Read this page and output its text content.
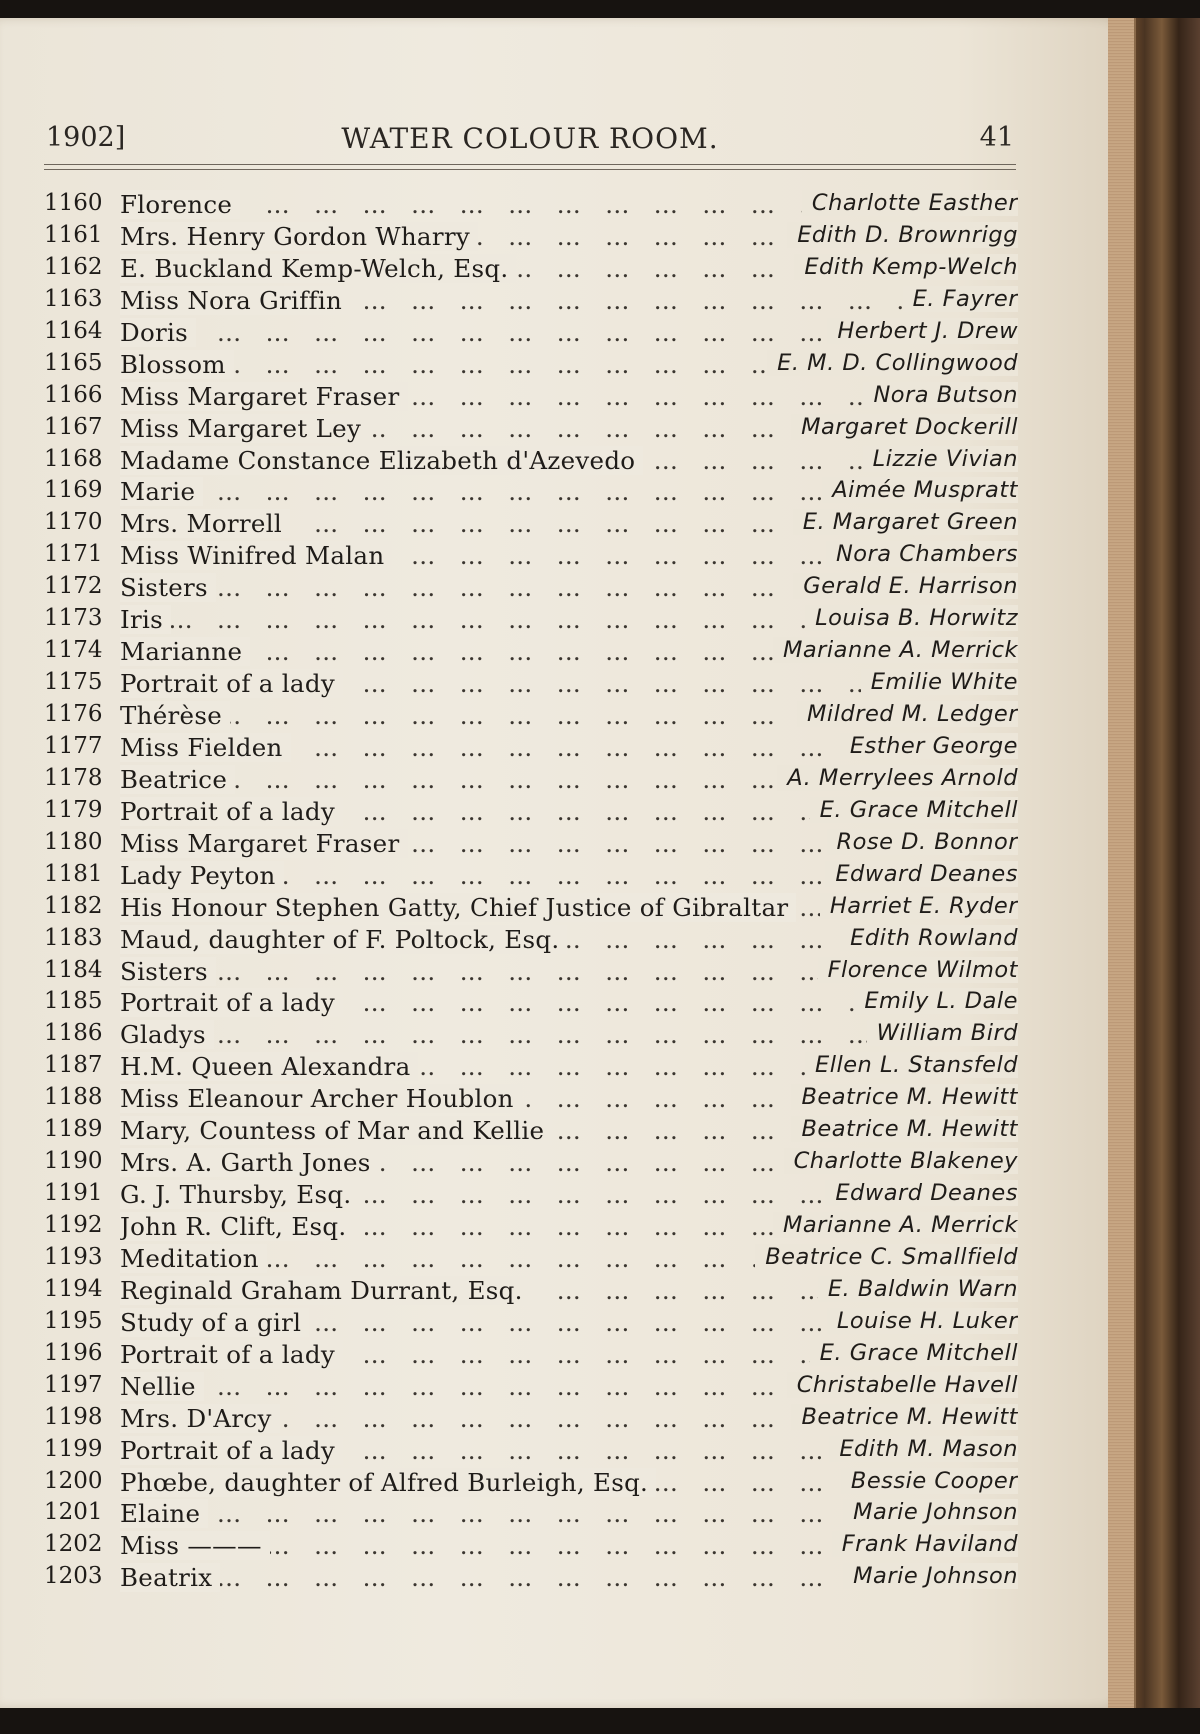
1902]	WATER COLOUR ROOM.	41
1160 Florence ...	Charlotte Easther
1161 Mrs. Henry Gordon Wharry ...	Edith D. Brownrigg
1162 E. Buckland Kemp-Welch, Esq. ...	Edith Kemp-Welch
1163 Miss Nora Griffin ...	E. Fayrer
1164 Doris ...	Herbert J. Drew
1165 Blossom ...	E. M. D. Collingwood
1166 Miss Margaret Fraser ...	Nora Butson
1167 Miss Margaret Ley ...	Margaret Dockerill
1168 Madame Constance Elizabeth d'Azevedo ...	Lizzie Vivian
1169 Marie ...	Aimée Muspratt
1170 Mrs. Morrell ...	E. Margaret Green
1171 Miss Winifred Malan ...	Nora Chambers
1172 Sisters ...	Gerald E. Harrison
1173 Iris ...	Louisa B. Horwitz
1174 Marianne ...	Marianne A. Merrick
1175 Portrait of a lady ...	Emilie White
1176 Thérèse ...	Mildred M. Ledger
1177 Miss Fielden ...	Esther George
1178 Beatrice ...	A. Merrylees Arnold
1179 Portrait of a lady ...	E. Grace Mitchell
1180 Miss Margaret Fraser ...	Rose D. Bonnor
1181 Lady Peyton ...	Edward Deanes
1182 His Honour Stephen Gatty, Chief Justice of Gibraltar ...	Harriet E. Ryder
1183 Maud, daughter of F. Poltock, Esq. ...	Edith Rowland
1184 Sisters ...	Florence Wilmot
1185 Portrait of a lady ...	Emily L. Dale
1186 Gladys ...	William Bird
1187 H.M. Queen Alexandra ...	Ellen L. Stansfeld
1188 Miss Eleanour Archer Houblon ...	Beatrice M. Hewitt
1189 Mary, Countess of Mar and Kellie ...	Beatrice M. Hewitt
1190 Mrs. A. Garth Jones ...	Charlotte Blakeney
1191 G. J. Thursby, Esq. ...	Edward Deanes
1192 John R. Clift, Esq. ...	Marianne A. Merrick
1193 Meditation ...	Beatrice C. Smallfield
1194 Reginald Graham Durrant, Esq. ...	E. Baldwin Warn
1195 Study of a girl ...	Louise H. Luker
1196 Portrait of a lady ...	E. Grace Mitchell
1197 Nellie ...	Christabelle Havell
1198 Mrs. D'Arcy ...	Beatrice M. Hewitt
1199 Portrait of a lady ...	Edith M. Mason
1200 Phœbe, daughter of Alfred Burleigh, Esq. ...	Bessie Cooper
1201 Elaine ...	Marie Johnson
1202 Miss ——— ...	Frank Haviland
1203 Beatrix ...	Marie Johnson
